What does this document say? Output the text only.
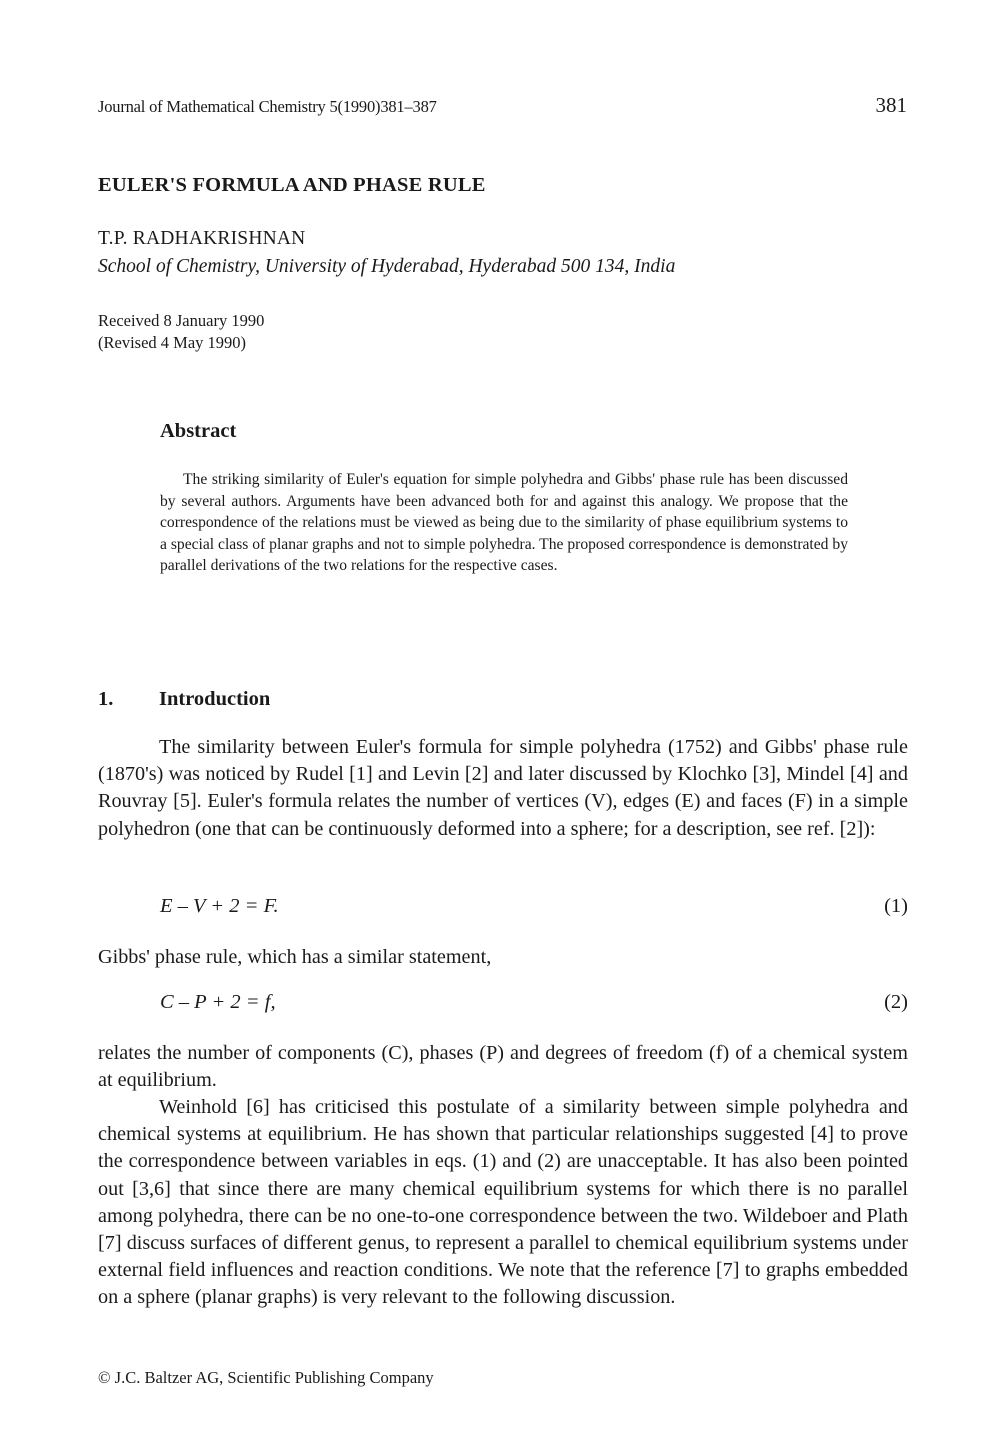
Journal of Mathematical Chemistry 5(1990)381–387	381
EULER'S FORMULA AND PHASE RULE
T.P. RADHAKRISHNAN
School of Chemistry, University of Hyderabad, Hyderabad 500 134, India
Received 8 January 1990
(Revised 4 May 1990)
Abstract
The striking similarity of Euler's equation for simple polyhedra and Gibbs' phase rule has been discussed by several authors. Arguments have been advanced both for and against this analogy. We propose that the correspondence of the relations must be viewed as being due to the similarity of phase equilibrium systems to a special class of planar graphs and not to simple polyhedra. The proposed correspondence is demonstrated by parallel derivations of the two relations for the respective cases.
1. Introduction
The similarity between Euler's formula for simple polyhedra (1752) and Gibbs' phase rule (1870's) was noticed by Rudel [1] and Levin [2] and later discussed by Klochko [3], Mindel [4] and Rouvray [5]. Euler's formula relates the number of vertices (V), edges (E) and faces (F) in a simple polyhedron (one that can be continuously deformed into a sphere; for a description, see ref. [2]):
E – V + 2 = F.	(1)
Gibbs' phase rule, which has a similar statement,
C – P + 2 = f,	(2)
relates the number of components (C), phases (P) and degrees of freedom (f) of a chemical system at equilibrium.
Weinhold [6] has criticised this postulate of a similarity between simple polyhedra and chemical systems at equilibrium. He has shown that particular relationships suggested [4] to prove the correspondence between variables in eqs. (1) and (2) are unacceptable. It has also been pointed out [3,6] that since there are many chemical equilibrium systems for which there is no parallel among polyhedra, there can be no one-to-one correspondence between the two. Wildeboer and Plath [7] discuss surfaces of different genus, to represent a parallel to chemical equilibrium systems under external field influences and reaction conditions. We note that the reference [7] to graphs embedded on a sphere (planar graphs) is very relevant to the following discussion.
© J.C. Baltzer AG, Scientific Publishing Company
